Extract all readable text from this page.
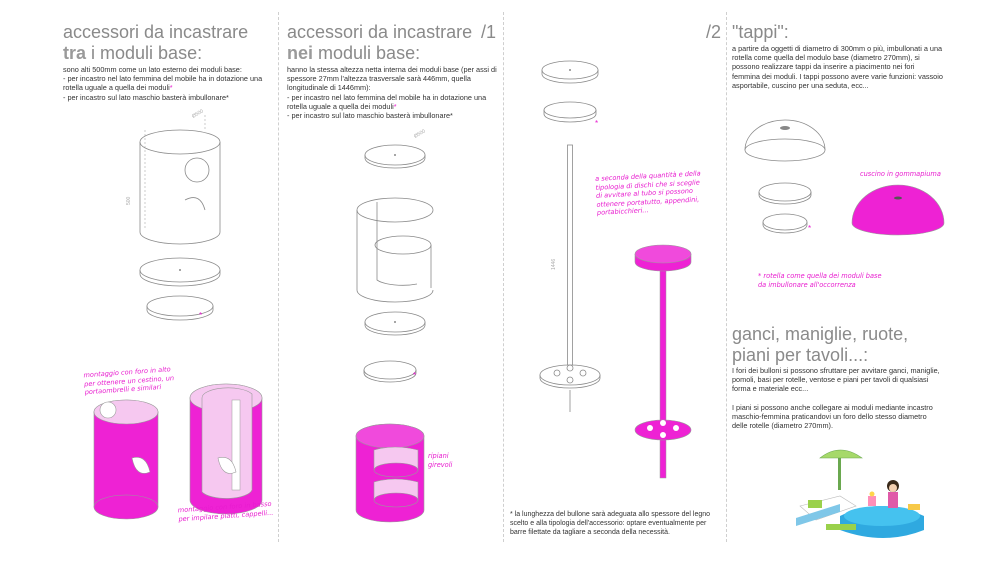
accessori da incastrare
tra i moduli base:
sono alti 500mm come un lato esterno dei moduli base:
- per incastro nel lato femmina del mobile ha in dotazione una rotella uguale a quella dei moduli*
- per incastro sul lato maschio basterà imbullonare*
Ø500
500
*
montaggio con foro in alto per ottenere un cestino, un portaombrelli e similari
montaggio con foro in basso per impilare piatti, cappelli...
accessori da incastrare
nei moduli base:
/1
hanno la stessa altezza netta interna dei moduli base (per assi di spessore 27mm l'altezza trasversale sarà 446mm, quella longitudinale di 1446mm):
- per incastro nel lato femmina del mobile ha in dotazione una rotella uguale a quella dei moduli*
- per incastro sul lato maschio basterà imbullonare*
Ø500
*
ripiani girevoli
/2
*
1446
a seconda della quantità e della tipologia di dischi che si sceglie di avvitare al tubo si possono ottenere portatutto, appendini, portabicchieri...
* la lunghezza del bullone sarà adeguata allo spessore del legno scelto e alla tipologia dell'accessorio: optare eventualmente per barre filettate da tagliare a seconda della necessità.
"tappi":
a partire da oggetti di diametro di 300mm o più, imbullonati a una rotella come quella del modulo base (diametro 270mm), si possono realizzare tappi da inserire a piacimento nei fori femmina dei moduli. I tappi possono avere varie funzioni: vassoio asportabile, cuscino per una seduta, ecc...
*
cuscino in gommapiuma
* rotella come quella dei moduli base da imbullonare all'occorrenza
ganci, maniglie, ruote,
piani per tavoli...:
I fori dei bulloni si possono sfruttare per avvitare ganci, maniglie, pomoli, basi per rotelle, ventose e piani per tavoli di qualsiasi forma e materiale ecc...
I piani si possono anche collegare ai moduli mediante incastro maschio-femmina praticandovi un foro dello stesso diametro delle rotelle (diametro 270mm).
